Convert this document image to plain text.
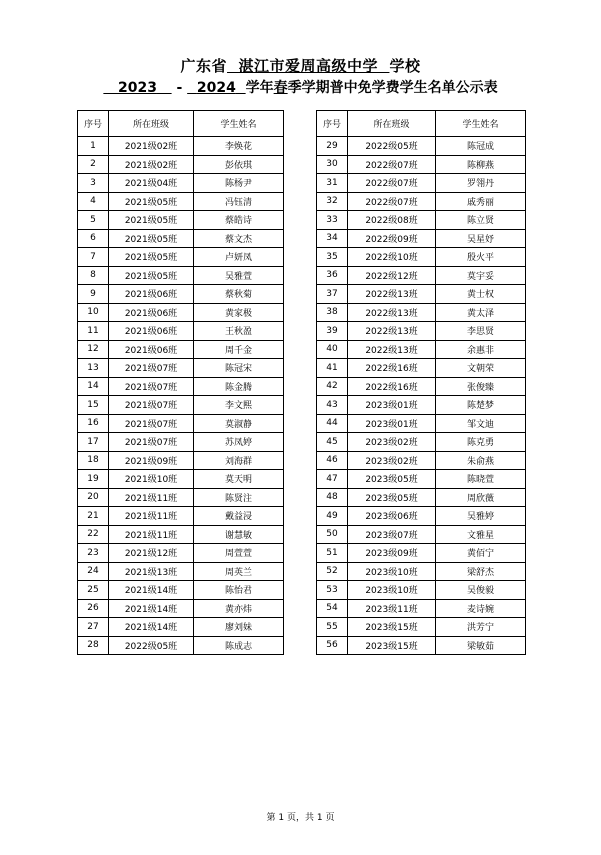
广东省 湛江市爱周高级中学 学校
2023 - 2024 学年春季学期普中免学费学生名单公示表
序号	所在班级	学生姓名
1	2021级02班	李焕花
2	2021级02班	彭依琪
3	2021级04班	陈杨尹
4	2021级05班	冯钰清
5	2021级05班	蔡皓诗
6	2021级05班	蔡文杰
7	2021级05班	卢妍凤
8	2021级05班	吴雅萱
9	2021级06班	蔡秋菊
10	2021级06班	黄家极
11	2021级06班	王秋盈
12	2021级06班	周千金
13	2021级07班	陈冠宋
14	2021级07班	陈金腾
15	2021级07班	李文熙
16	2021级07班	莫淑静
17	2021级07班	苏凤婷
18	2021级09班	刘海群
19	2021级10班	莫天明
20	2021级11班	陈贤注
21	2021级11班	戴益浸
22	2021级11班	谢慧敏
23	2021级12班	周萱萱
24	2021级13班	周英兰
25	2021级14班	陈怡君
26	2021级14班	黄亦炜
27	2021级14班	廖刘妹
28	2022级05班	陈成志
序号	所在班级	学生姓名
29	2022级05班	陈冠成
30	2022级07班	陈柳燕
31	2022级07班	罗翎丹
32	2022级07班	戚秀丽
33	2022级08班	陈立贤
34	2022级09班	吴星妤
35	2022级10班	殷火平
36	2022级12班	莫宇妥
37	2022级13班	黄士权
38	2022级13班	黄太泽
39	2022级13班	李思贤
40	2022级13班	余惠非
41	2022级16班	文朝荣
42	2022级16班	张俊臻
43	2023级01班	陈楚梦
44	2023级01班	邹文迪
45	2023级02班	陈克勇
46	2023级02班	朱俞燕
47	2023级05班	陈晓萱
48	2023级05班	周欣薇
49	2023级06班	吴雅婷
50	2023级07班	文雅星
51	2023级09班	黄佰宁
52	2023级10班	梁舒杰
53	2023级10班	吴俊毅
54	2023级11班	麦诗婉
55	2023级15班	洪芳宁
56	2023级15班	梁敏茹
第 1 页，共 1 页
